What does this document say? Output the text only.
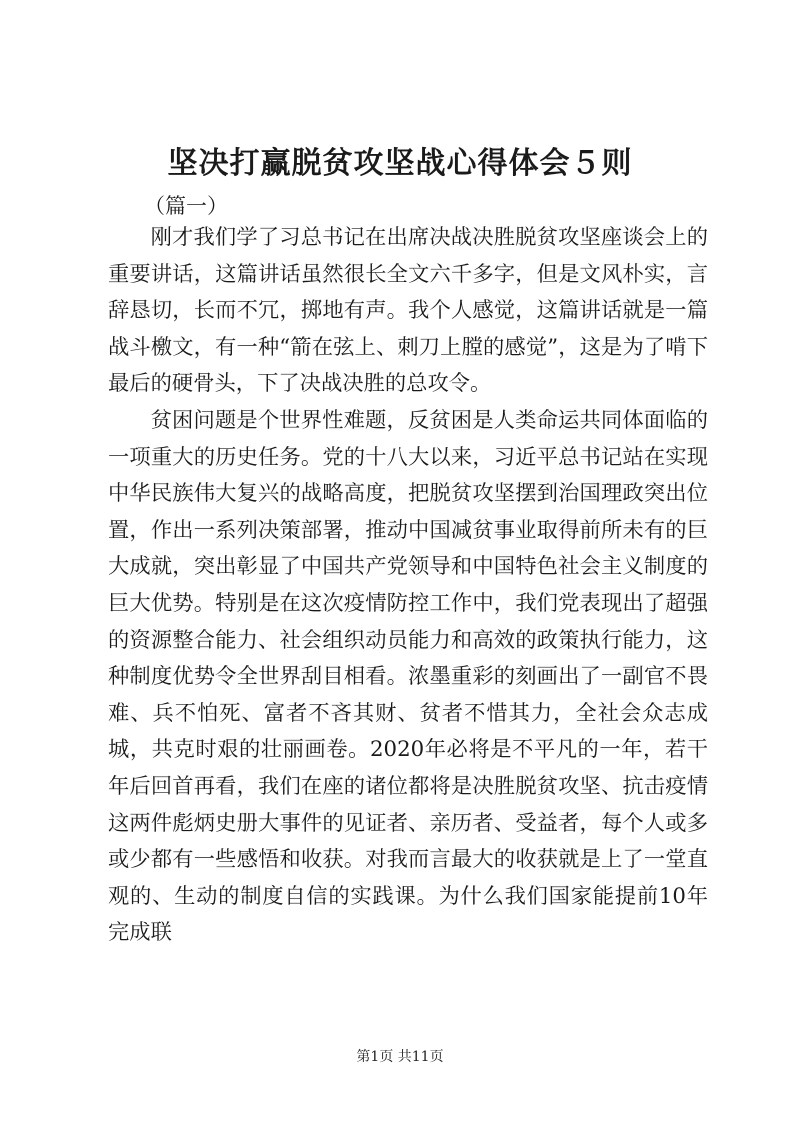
坚决打赢脱贫攻坚战心得体会５则
（篇一）

刚才我们学了习总书记在出席决战决胜脱贫攻坚座谈会上的重要讲话，这篇讲话虽然很长全文六千多字，但是文风朴实，言辞恳切，长而不冗，掷地有声。我个人感觉，这篇讲话就是一篇战斗檄文，有一种“箭在弦上、刺刀上膛的感觉”，这是为了啃下最后的硬骨头，下了决战决胜的总攻令。

贫困问题是个世界性难题，反贫困是人类命运共同体面临的一项重大的历史任务。党的十八大以来，习近平总书记站在实现中华民族伟大复兴的战略高度，把脱贫攻坚摆到治国理政突出位置，作出一系列决策部署，推动中国减贫事业取得前所未有的巨大成就，突出彰显了中国共产党领导和中国特色社会主义制度的巨大优势。特别是在这次疫情防控工作中，我们党表现出了超强的资源整合能力、社会组织动员能力和高效的政策执行能力，这种制度优势令全世界刮目相看。浓墨重彩的刻画出了一副官不畏难、兵不怕死、富者不吝其财、贫者不惜其力，全社会众志成城，共克时艰的壮丽画卷。2020年必将是不平凡的一年，若干年后回首再看，我们在座的诸位都将是决胜脱贫攻坚、抗击疫情这两件彪炳史册大事件的见证者、亲历者、受益者，每个人或多或少都有一些感悟和收获。对我而言最大的收获就是上了一堂直观的、生动的制度自信的实践课。为什么我们国家能提前10年完成联

第1页 共11页
